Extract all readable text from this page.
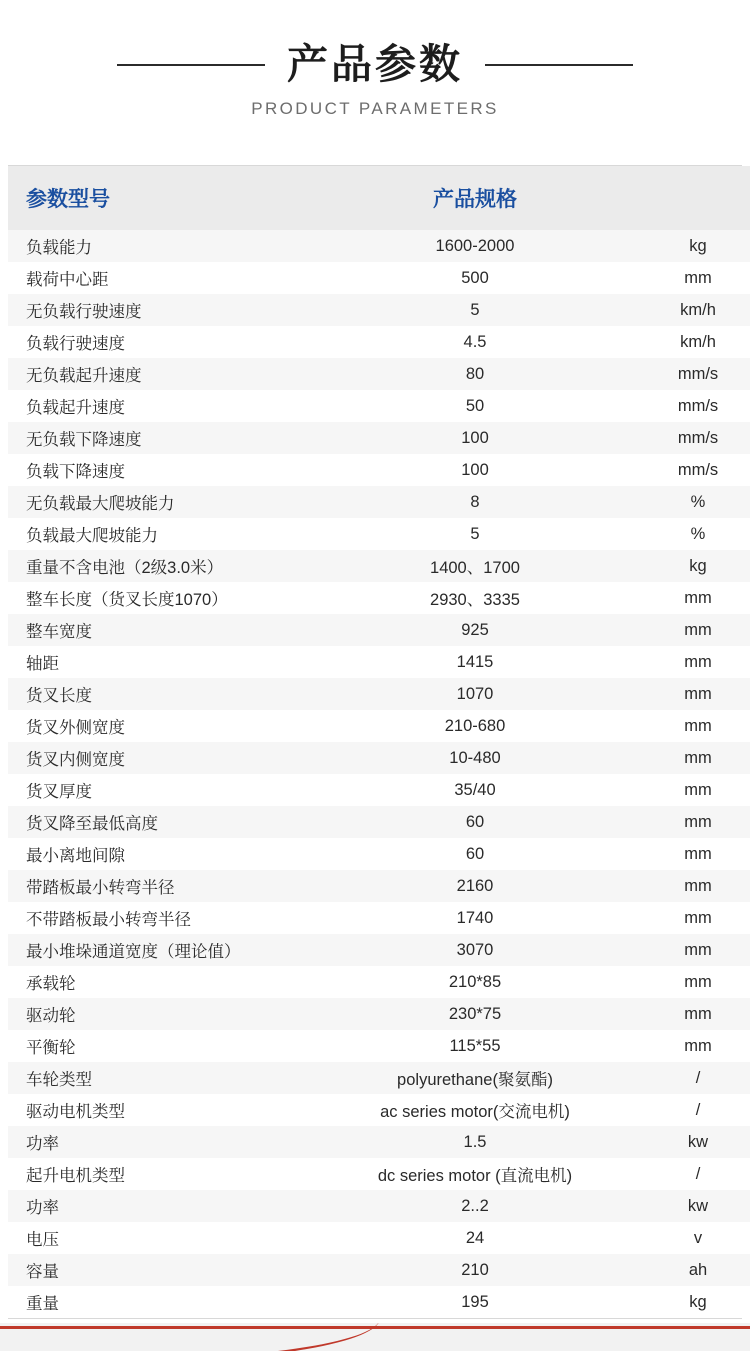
产品参数
PRODUCT PARAMETERS
参数型号	产品规格	
负载能力	1600-2000	kg
载荷中心距	500	mm
无负载行驶速度	5	km/h
负载行驶速度	4.5	km/h
无负载起升速度	80	mm/s
负载起升速度	50	mm/s
无负载下降速度	100	mm/s
负载下降速度	100	mm/s
无负载最大爬坡能力	8	%
负载最大爬坡能力	5	%
重量不含电池（2级3.0米）	1400、1700	kg
整车长度（货叉长度1070）	2930、3335	mm
整车宽度	925	mm
轴距	1415	mm
货叉长度	1070	mm
货叉外侧宽度	210-680	mm
货叉内侧宽度	10-480	mm
货叉厚度	35/40	mm
货叉降至最低高度	60	mm
最小离地间隙	60	mm
带踏板最小转弯半径	2160	mm
不带踏板最小转弯半径	1740	mm
最小堆垛通道宽度（理论值）	3070	mm
承载轮	210*85	mm
驱动轮	230*75	mm
平衡轮	115*55	mm
车轮类型	polyurethane(聚氨酯)	/
驱动电机类型	ac series motor(交流电机)	/
功率	1.5	kw
起升电机类型	dc series motor (直流电机)	/
功率	2..2	kw
电压	24	v
容量	210	ah
重量	195	kg
